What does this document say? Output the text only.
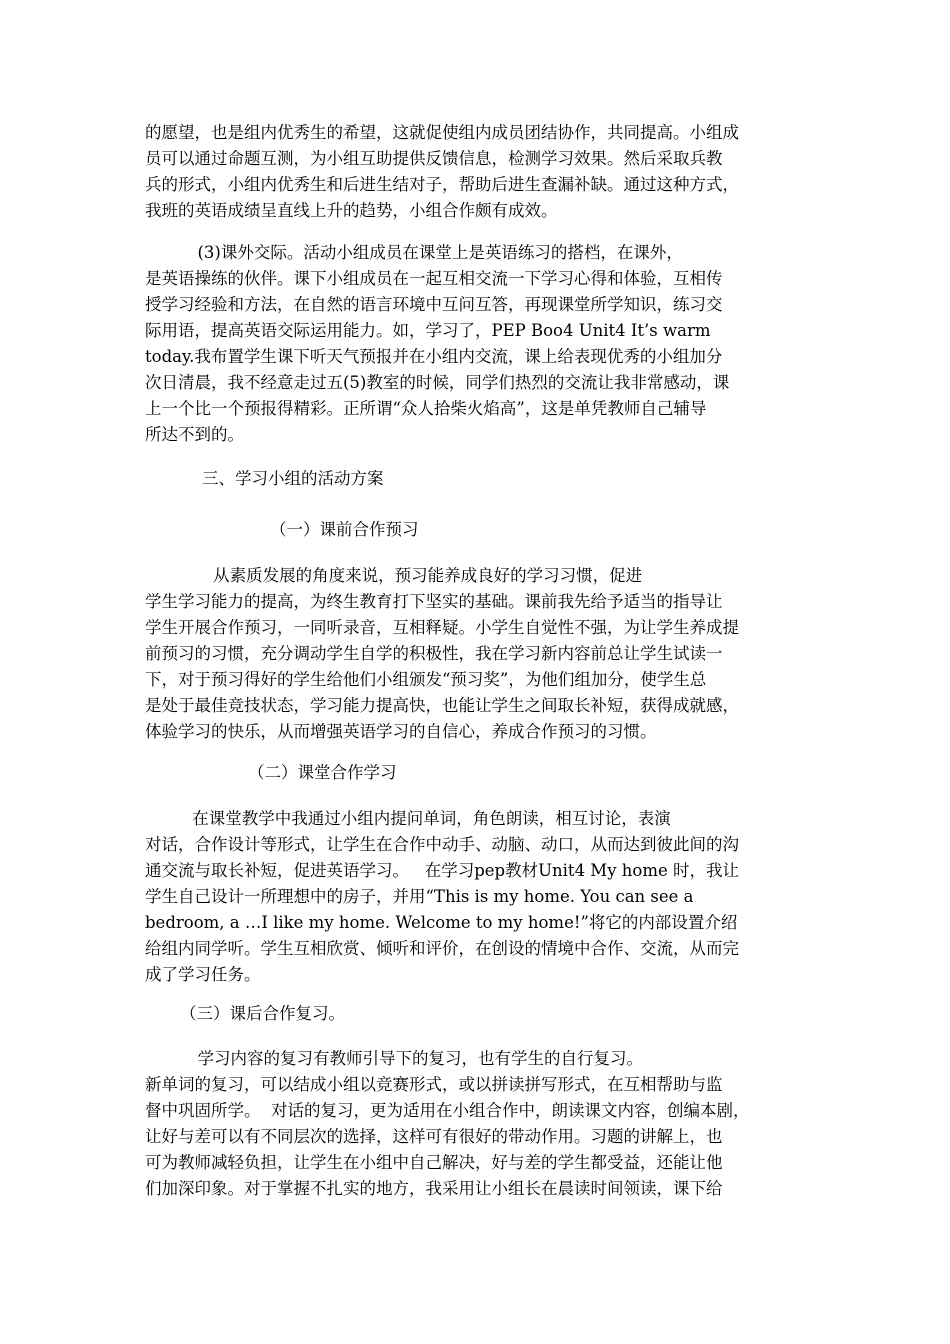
的愿望，也是组内优秀生的希望，这就促使组内成员团结协作，共同提高。小组成
员可以通过命题互测，为小组互助提供反馈信息，检测学习效果。然后采取兵教
兵的形式，小组内优秀生和后进生结对子，帮助后进生查漏补缺。通过这种方式，
我班的英语成绩呈直线上升的趋势，小组合作颇有成效。
(3)课外交际。活动小组成员在课堂上是英语练习的搭档，在课外，
是英语操练的伙伴。课下小组成员在一起互相交流一下学习心得和体验，互相传
授学习经验和方法，在自然的语言环境中互问互答，再现课堂所学知识，练习交
际用语，提高英语交际运用能力。如，学习了，PEP Boo4 Unit4 It’s warm
today.我布置学生课下听天气预报并在小组内交流，课上给表现优秀的小组加分
次日清晨，我不经意走过五(5)教室的时候，同学们热烈的交流让我非常感动，课
上一个比一个预报得精彩。正所谓“众人拾柴火焰高”，这是单凭教师自己辅导
所达不到的。
三、学习小组的活动方案
（一）课前合作预习
从素质发展的角度来说，预习能养成良好的学习习惯，促进
学生学习能力的提高，为终生教育打下坚实的基础。课前我先给予适当的指导让
学生开展合作预习，一同听录音，互相释疑。小学生自觉性不强，为让学生养成提
前预习的习惯，充分调动学生自学的积极性，我在学习新内容前总让学生试读一
下，对于预习得好的学生给他们小组颁发“预习奖”，为他们组加分，使学生总
是处于最佳竞技状态，学习能力提高快，也能让学生之间取长补短，获得成就感，
体验学习的快乐，从而增强英语学习的自信心，养成合作预习的习惯。
（二）课堂合作学习
在课堂教学中我通过小组内提问单词，角色朗读，相互讨论，表演
对话，合作设计等形式，让学生在合作中动手、动脑、动口，从而达到彼此间的沟
通交流与取长补短，促进英语学习。   在学习pep教材Unit4 My home 时，我让
学生自己设计一所理想中的房子，并用“This is my home. You can see a
bedroom, a …I like my home. Welcome to my home!”将它的内部设置介绍
给组内同学听。学生互相欣赏、倾听和评价，在创设的情境中合作、交流，从而完
成了学习任务。
（三）课后合作复习。
学习内容的复习有教师引导下的复习，也有学生的自行复习。
新单词的复习，可以结成小组以竞赛形式，或以拼读拼写形式，在互相帮助与监
督中巩固所学。  对话的复习，更为适用在小组合作中，朗读课文内容，创编本剧，
让好与差可以有不同层次的选择，这样可有很好的带动作用。习题的讲解上，也
可为教师减轻负担，让学生在小组中自己解决，好与差的学生都受益，还能让他
们加深印象。对于掌握不扎实的地方，我采用让小组长在晨读时间领读，课下给
